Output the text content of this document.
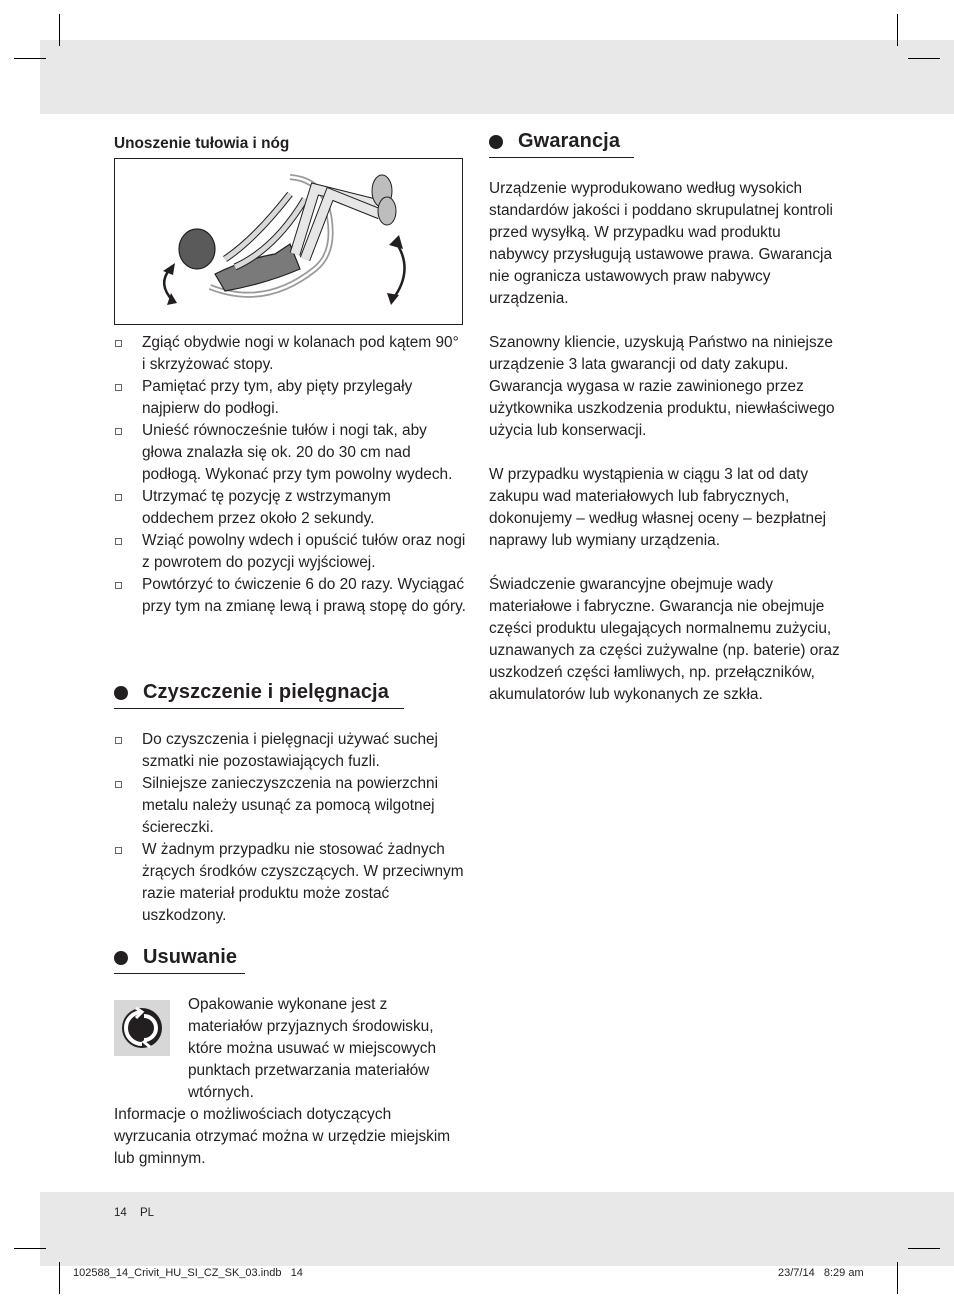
Unoszenie tułowia i nóg
Zgiąć obydwie nogi w kolanach pod kątem 90° i skrzyżować stopy.
Pamiętać przy tym, aby pięty przylegały najpierw do podłogi.
Unieść równocześnie tułów i nogi tak, aby głowa znalazła się ok. 20 do 30 cm nad podłogą. Wykonać przy tym powolny wydech.
Utrzymać tę pozycję z wstrzymanym oddechem przez około 2 sekundy.
Wziąć powolny wdech i opuścić tułów oraz nogi z powrotem do pozycji wyjściowej.
Powtórzyć to ćwiczenie 6 do 20 razy. Wyciągać przy tym na zmianę lewą i prawą stopę do góry.
Czyszczenie i pielęgnacja
Do czyszczenia i pielęgnacji używać suchej szmatki nie pozostawiających fuzli.
Silniejsze zanieczyszczenia na powierzchni metalu należy usunąć za pomocą wilgotnej ściereczki.
W żadnym przypadku nie stosować żadnych żrących środków czyszczących. W przeciwnym razie materiał produktu może zostać uszkodzony.
Usuwanie
Opakowanie wykonane jest z materiałów przyjaznych środowisku, które można usuwać w miejscowych punktach przetwarzania materiałów wtórnych.
Informacje o możliwościach dotyczących wyrzucania otrzymać można w urzędzie miejskim lub gminnym.
Gwarancja

Urządzenie wyprodukowano według wysokich standardów jakości i poddano skrupulatnej kontroli przed wysyłką. W przypadku wad produktu nabywcy przysługują ustawowe prawa. Gwarancja nie ogranicza ustawowych praw nabywcy urządzenia.

Szanowny kliencie, uzyskują Państwo na niniejsze urządzenie 3 lata gwarancji od daty zakupu. Gwarancja wygasa w razie zawinionego przez użytkownika uszkodzenia produktu, niewłaściwego użycia lub konserwacji.

W przypadku wystąpienia w ciągu 3 lat od daty zakupu wad materiałowych lub fabrycznych, dokonujemy – według własnej oceny – bezpłatnej naprawy lub wymiany urządzenia.

Świadczenie gwarancyjne obejmuje wady materiałowe i fabryczne. Gwarancja nie obejmuje części produktu ulegających normalnemu zużyciu, uznawanych za części zużywalne (np. baterie) oraz uszkodzeń części łamliwych, np. przełączników, akumulatorów lub wykonanych ze szkła.

14 PL
102588_14_Crivit_HU_SI_CZ_SK_03.indb   14	23/7/14   8:29 am
